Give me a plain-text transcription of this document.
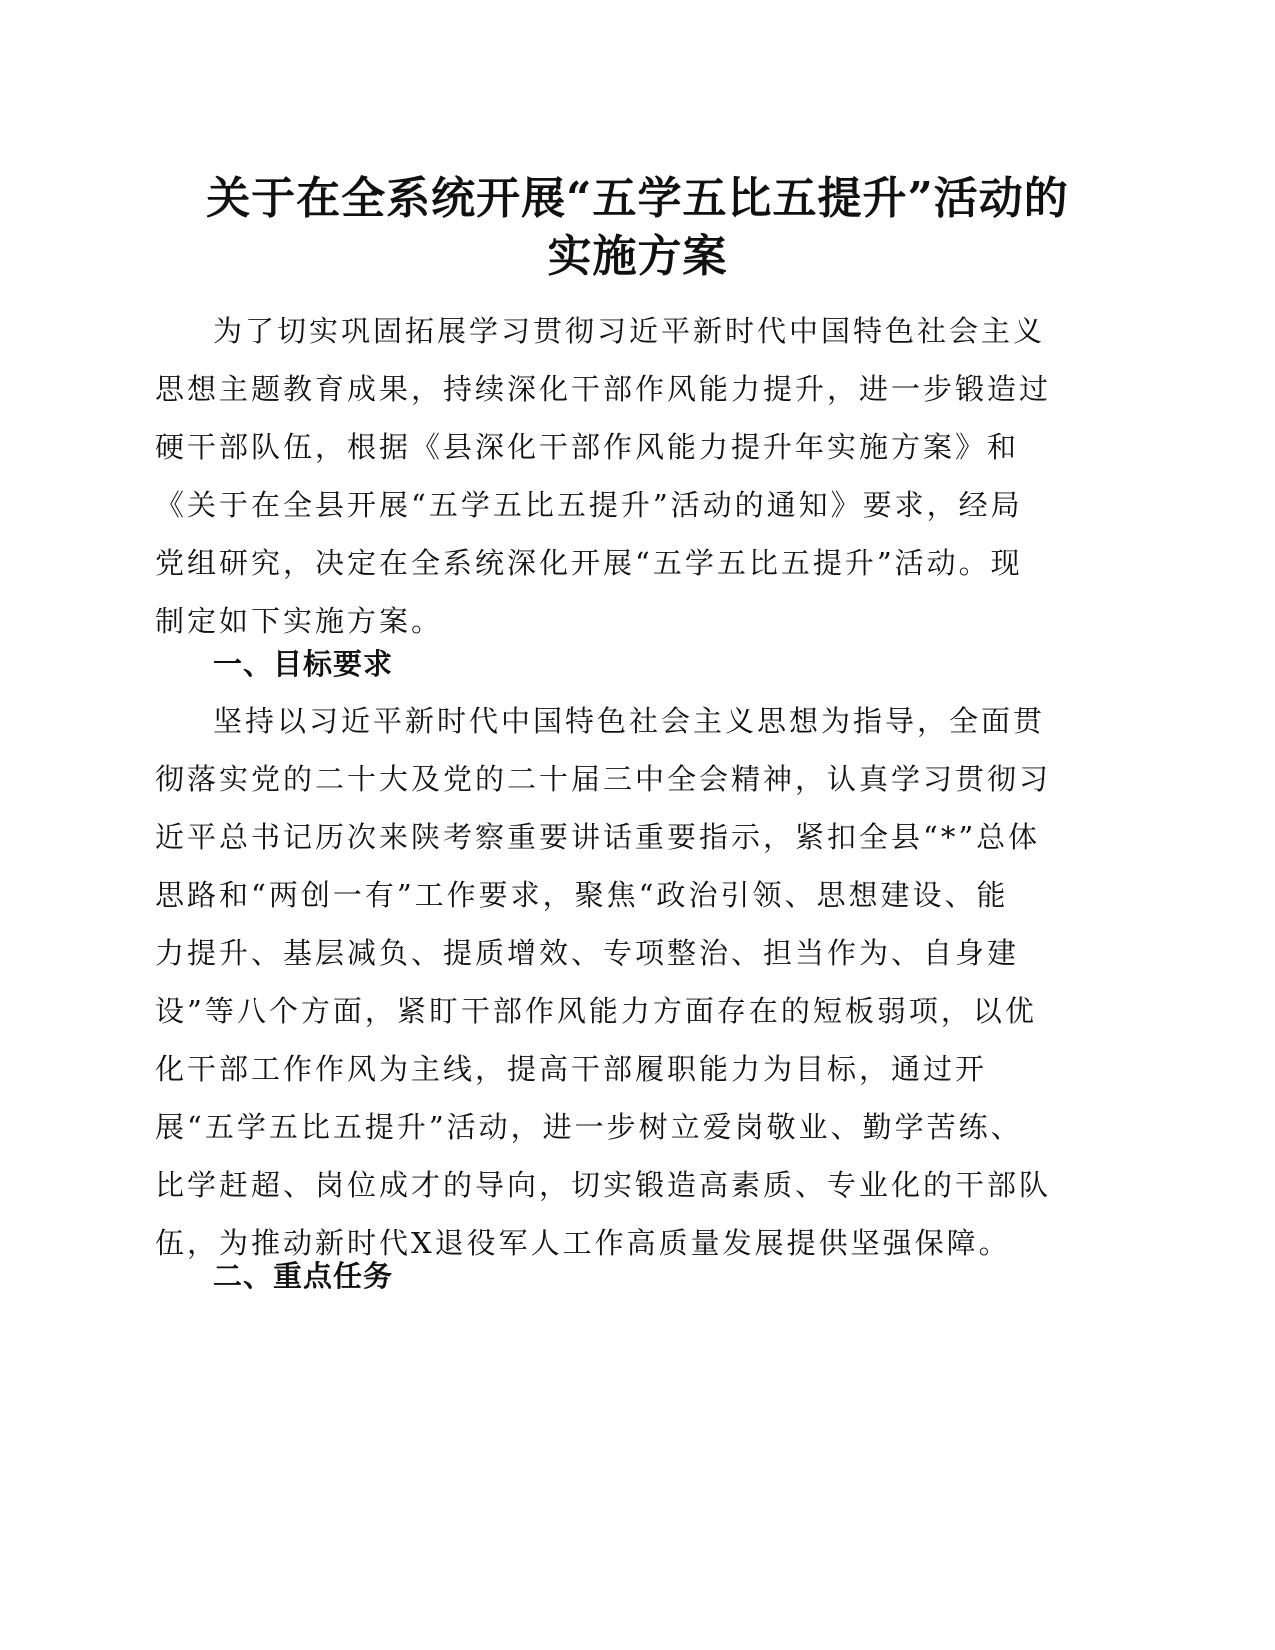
关于在全系统开展“五学五比五提升”活动的
实施方案
为了切实巩固拓展学习贯彻习近平新时代中国特色社会主义
思想主题教育成果，持续深化干部作风能力提升，进一步锻造过
硬干部队伍，根据《县深化干部作风能力提升年实施方案》和
《关于在全县开展“五学五比五提升”活动的通知》要求，经局
党组研究，决定在全系统深化开展“五学五比五提升”活动。现
制定如下实施方案。
一、目标要求
坚持以习近平新时代中国特色社会主义思想为指导，全面贯
彻落实党的二十大及党的二十届三中全会精神，认真学习贯彻习
近平总书记历次来陕考察重要讲话重要指示，紧扣全县“*”总体
思路和“两创一有”工作要求，聚焦“政治引领、思想建设、能
力提升、基层减负、提质增效、专项整治、担当作为、自身建
设”等八个方面，紧盯干部作风能力方面存在的短板弱项，以优
化干部工作作风为主线，提高干部履职能力为目标，通过开
展“五学五比五提升”活动，进一步树立爱岗敬业、勤学苦练、
比学赶超、岗位成才的导向，切实锻造高素质、专业化的干部队
伍，为推动新时代X退役军人工作高质量发展提供坚强保障。
二、重点任务
